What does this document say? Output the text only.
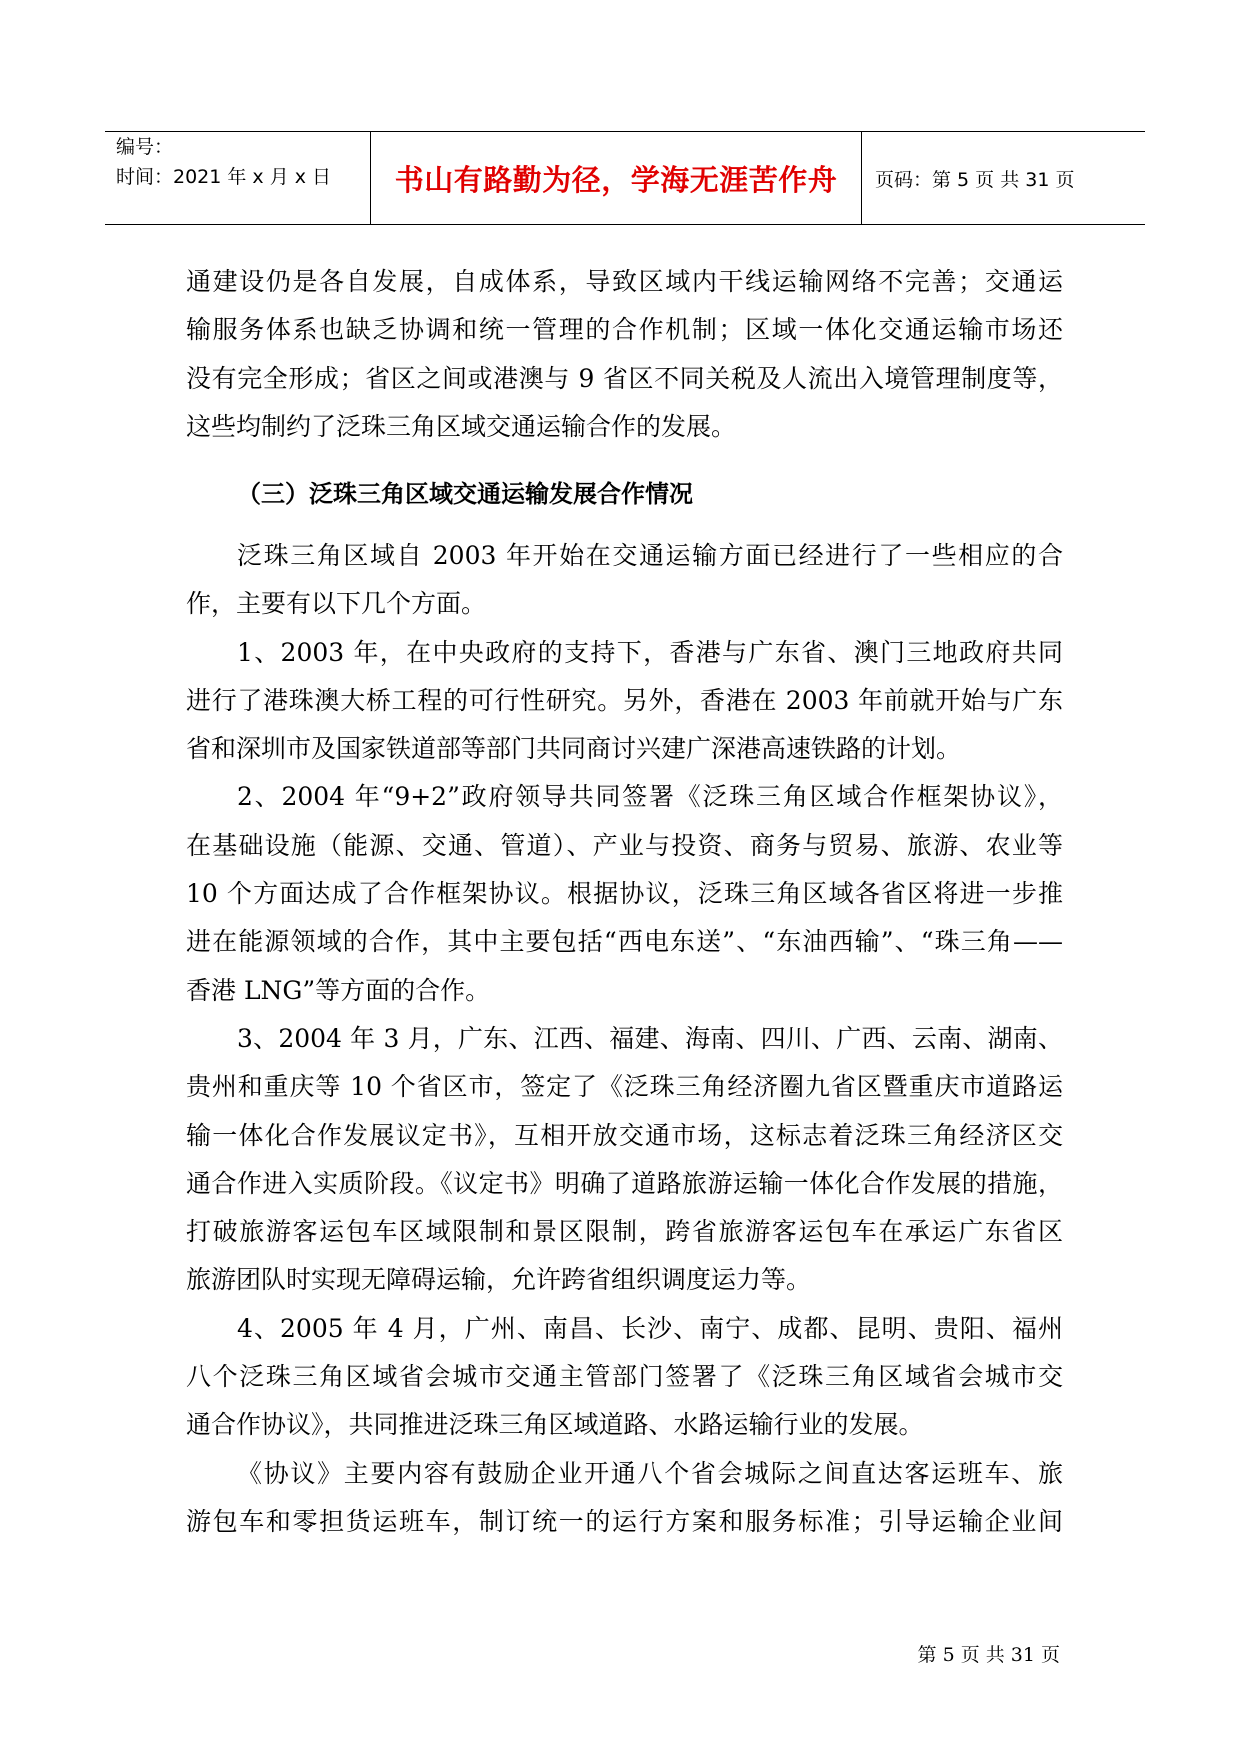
编号：
时间：2021 年 x 月 x 日	书山有路勤为径，学海无涯苦作舟 页码：第 5 页 共 31 页
通建设仍是各自发展，自成体系，导致区域内干线运输网络不完善；交通运
输服务体系也缺乏协调和统一管理的合作机制；区域一体化交通运输市场还
没有完全形成；省区之间或港澳与 9 省区不同关税及人流出入境管理制度等，
这些均制约了泛珠三角区域交通运输合作的发展。
（三）泛珠三角区域交通运输发展合作情况
泛珠三角区域自 2003 年开始在交通运输方面已经进行了一些相应的合
作，主要有以下几个方面。
1、2003 年，在中央政府的支持下，香港与广东省、澳门三地政府共同
进行了港珠澳大桥工程的可行性研究。另外，香港在 2003 年前就开始与广东
省和深圳市及国家铁道部等部门共同商讨兴建广深港高速铁路的计划。
2、2004 年“9+2”政府领导共同签署《泛珠三角区域合作框架协议》，
在基础设施（能源、交通、管道）、产业与投资、商务与贸易、旅游、农业等
10 个方面达成了合作框架协议。根据协议，泛珠三角区域各省区将进一步推
进在能源领域的合作，其中主要包括“西电东送”、“东油西输”、“珠三角——
香港 LNG”等方面的合作。
3、2004 年 3 月，广东、江西、福建、海南、四川、广西、云南、湖南、
贵州和重庆等 10 个省区市，签定了《泛珠三角经济圈九省区暨重庆市道路运
输一体化合作发展议定书》，互相开放交通市场，这标志着泛珠三角经济区交
通合作进入实质阶段。《议定书》明确了道路旅游运输一体化合作发展的措施，
打破旅游客运包车区域限制和景区限制，跨省旅游客运包车在承运广东省区
旅游团队时实现无障碍运输，允许跨省组织调度运力等。
4、2005 年 4 月，广州、南昌、长沙、南宁、成都、昆明、贵阳、福州
八个泛珠三角区域省会城市交通主管部门签署了《泛珠三角区域省会城市交
通合作协议》，共同推进泛珠三角区域道路、水路运输行业的发展。
《协议》主要内容有鼓励企业开通八个省会城际之间直达客运班车、旅
游包车和零担货运班车，制订统一的运行方案和服务标准；引导运输企业间
第 5 页 共 31 页
